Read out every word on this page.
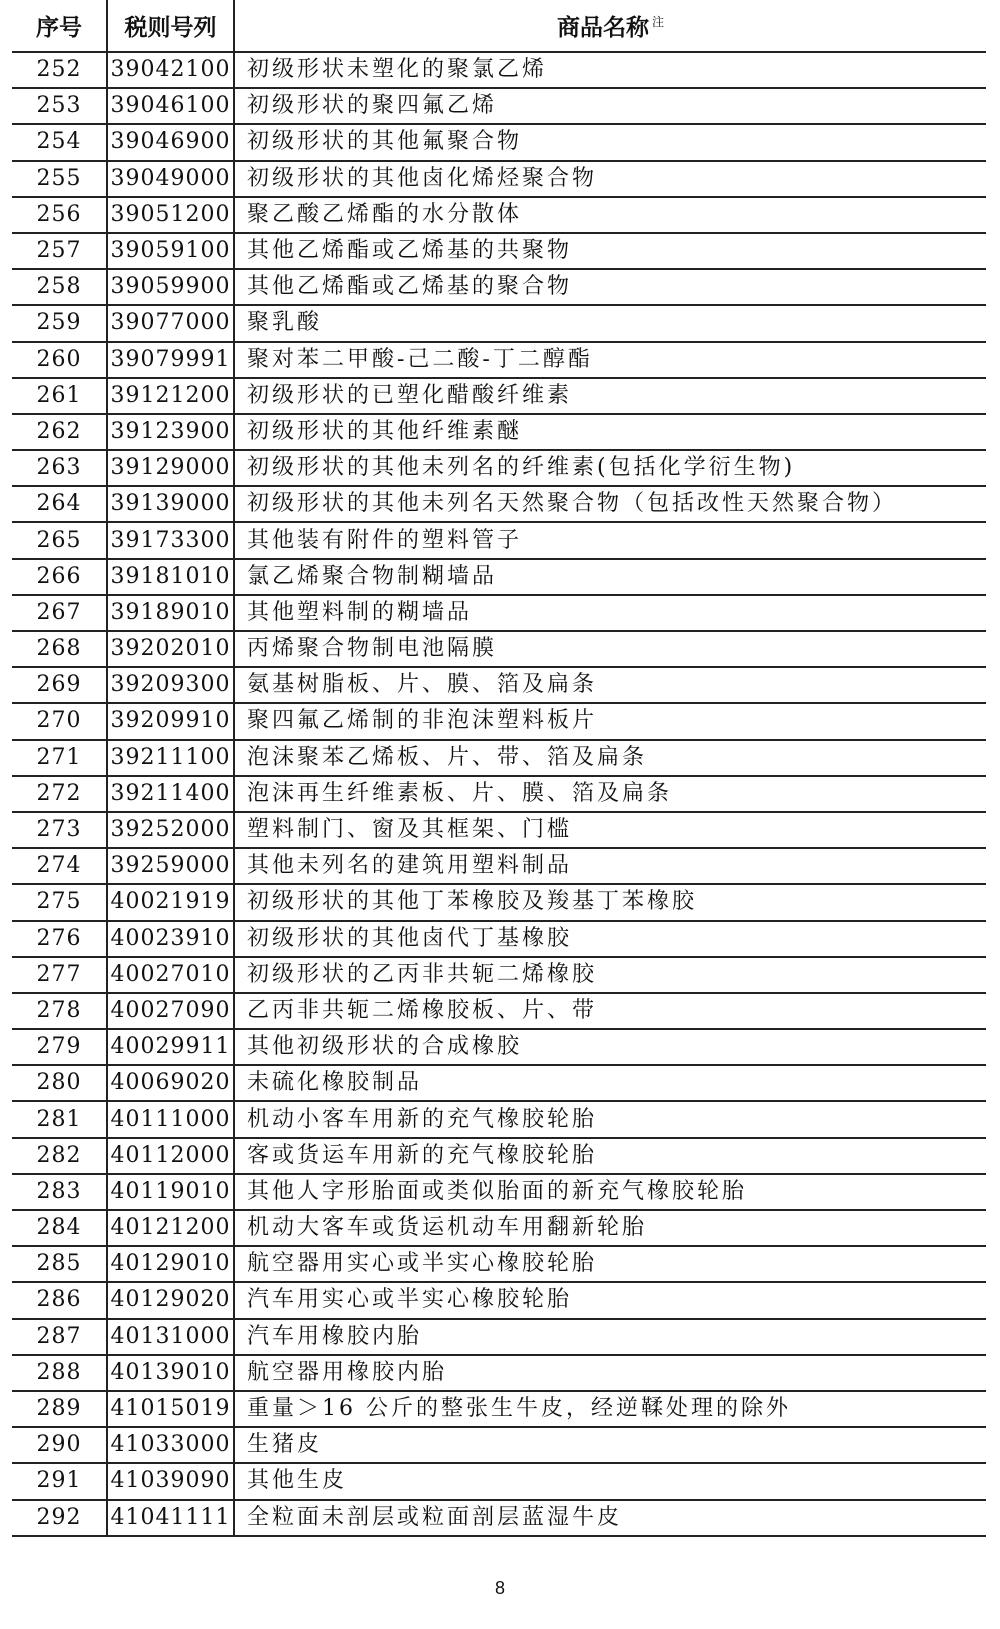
序号	税则号列	商品名称 $^注$
252	39042100	初级形状未塑化的聚氯乙烯
253	39046100	初级形状的聚四氟乙烯
254	39046900	初级形状的其他氟聚合物
255	39049000	初级形状的其他卤化烯烃聚合物
256	39051200	聚乙酸乙烯酯的水分散体
257	39059100	其他乙烯酯或乙烯基的共聚物
258	39059900	其他乙烯酯或乙烯基的聚合物
259	39077000	聚乳酸
260	39079991	聚对苯二甲酸-己二酸-丁二醇酯
261	39121200	初级形状的已塑化醋酸纤维素
262	39123900	初级形状的其他纤维素醚
263	39129000	初级形状的其他未列名的纤维素(包括化学衍生物)
264	39139000	初级形状的其他未列名天然聚合物（包括改性天然聚合物）
265	39173300	其他装有附件的塑料管子
266	39181010	氯乙烯聚合物制糊墙品
267	39189010	其他塑料制的糊墙品
268	39202010	丙烯聚合物制电池隔膜
269	39209300	氨基树脂板、片、膜、箔及扁条
270	39209910	聚四氟乙烯制的非泡沫塑料板片
271	39211100	泡沫聚苯乙烯板、片、带、箔及扁条
272	39211400	泡沫再生纤维素板、片、膜、箔及扁条
273	39252000	塑料制门、窗及其框架、门槛
274	39259000	其他未列名的建筑用塑料制品
275	40021919	初级形状的其他丁苯橡胶及羧基丁苯橡胶
276	40023910	初级形状的其他卤代丁基橡胶
277	40027010	初级形状的乙丙非共轭二烯橡胶
278	40027090	乙丙非共轭二烯橡胶板、片、带
279	40029911	其他初级形状的合成橡胶
280	40069020	未硫化橡胶制品
281	40111000	机动小客车用新的充气橡胶轮胎
282	40112000	客或货运车用新的充气橡胶轮胎
283	40119010	其他人字形胎面或类似胎面的新充气橡胶轮胎
284	40121200	机动大客车或货运机动车用翻新轮胎
285	40129010	航空器用实心或半实心橡胶轮胎
286	40129020	汽车用实心或半实心橡胶轮胎
287	40131000	汽车用橡胶内胎
288	40139010	航空器用橡胶内胎
289	41015019	重量＞16 公斤的整张生牛皮，经逆鞣处理的除外
290	41033000	生猪皮
291	41039090	其他生皮
292	41041111	全粒面未剖层或粒面剖层蓝湿牛皮
8
